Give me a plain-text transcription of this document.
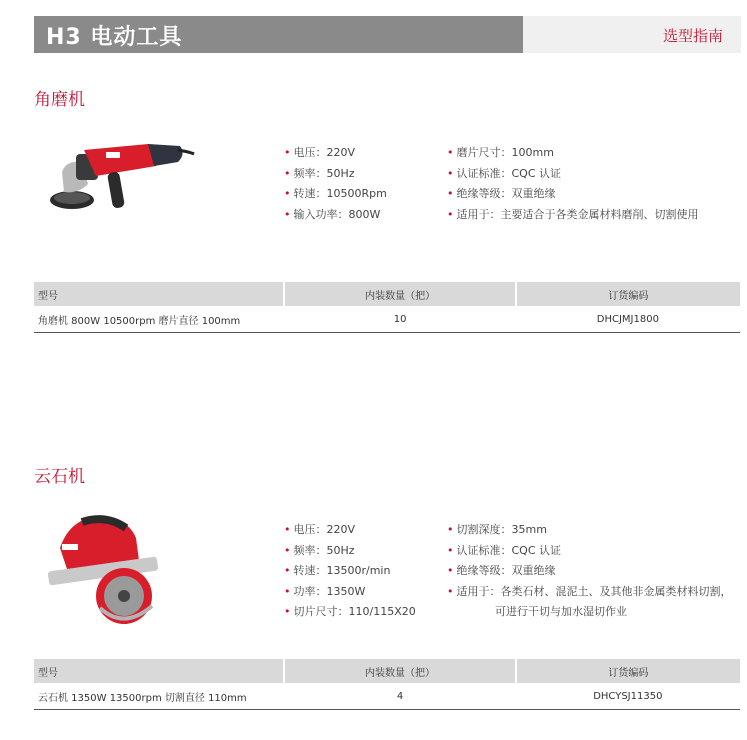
H3 电动工具	选型指南
角磨机
• 电压：220V
• 频率：50Hz
• 转速：10500Rpm
• 输入功率：800W
• 磨片尺寸：100mm
• 认证标准：CQC 认证
• 绝缘等级：双重绝缘
• 适用于：主要适合于各类金属材料磨削、切割使用
型号	内装数量（把）	订货编码
角磨机 800W 10500rpm 磨片直径 100mm	10	DHCJMJ1800
云石机
• 电压：220V
• 频率：50Hz
• 转速：13500r/min
• 功率：1350W
• 切片尺寸：110/115X20
• 切割深度：35mm
• 认证标准：CQC 认证
• 绝缘等级：双重绝缘
• 适用于：各类石材、混泥土、及其他非金属类材料切割，
可进行干切与加水湿切作业
型号	内装数量（把）	订货编码
云石机 1350W 13500rpm 切割直径 110mm	4	DHCYSJ11350
